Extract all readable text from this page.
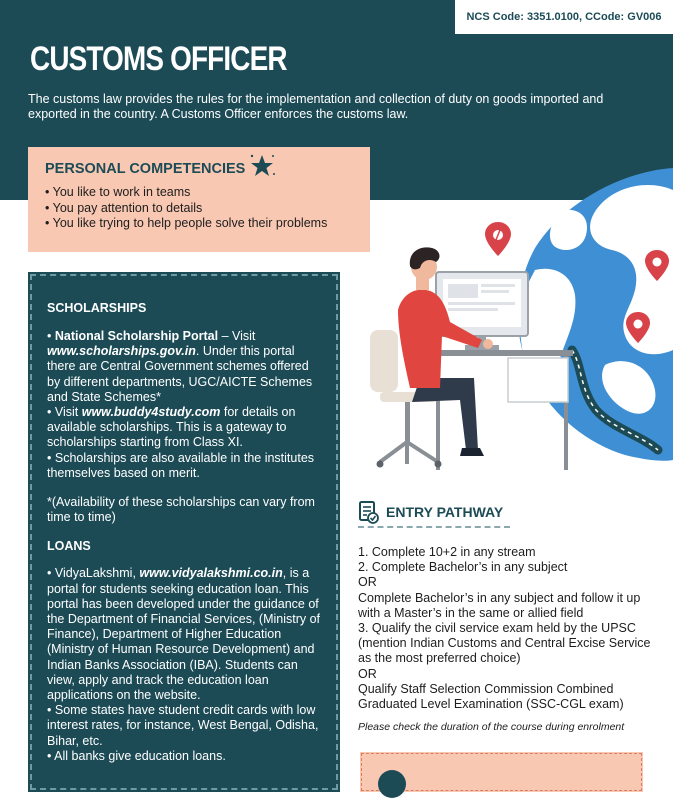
NCS Code: 3351.0100, CCode: GV006
CUSTOMS OFFICER

The customs law provides the rules for the implementation and collection of duty on goods imported and exported in the country. A Customs Officer enforces the customs law.

PERSONAL COMPETENCIES
• You like to work in teams
• You pay attention to details
• You like trying to help people solve their problems

SCHOLARSHIPS

• National Scholarship Portal – Visit www.scholarships.gov.in. Under this portal there are Central Government schemes offered by different departments, UGC/AICTE Schemes and State Schemes*

• Visit www.buddy4study.com for details on available scholarships. This is a gateway to scholarships starting from Class XI.

• Scholarships are also available in the institutes themselves based on merit.

*(Availability of these scholarships can vary from time to time)

LOANS

• VidyaLakshmi, www.vidyalakshmi.co.in, is a portal for students seeking education loan. This portal has been developed under the guidance of the Department of Financial Services, (Ministry of Finance), Department of Higher Education (Ministry of Human Resource Development) and Indian Banks Association (IBA). Students can view, apply and track the education loan applications on the website.

• Some states have student credit cards with low interest rates, for instance, West Bengal, Odisha, Bihar, etc.

• All banks give education loans.

ENTRY PATHWAY

1. Complete 10+2 in any stream

2. Complete Bachelor’s in any subject

OR

Complete Bachelor’s in any subject and follow it up with a Master’s in the same or allied field

3. Qualify the civil service exam held by the UPSC (mention Indian Customs and Central Excise Service as the most preferred choice)

OR

Qualify Staff Selection Commission Combined Graduated Level Examination (SSC-CGL exam)

Please check the duration of the course during enrolment
